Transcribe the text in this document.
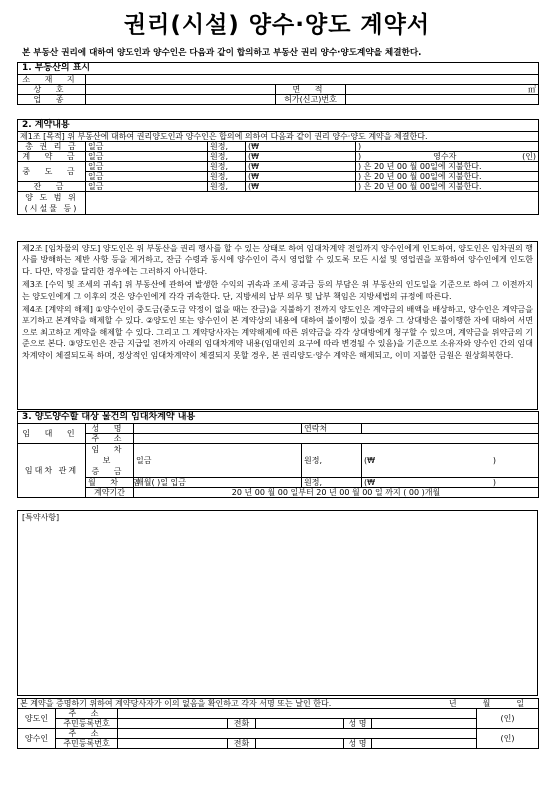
권리(시설) 양수·양도 계약서
본 부동산 권리에 대하여 양도인과 양수인은 다음과 같이 합의하고 부동산 권리 양수·양도계약을 체결한다.
1. 부동산의 표시			
소 재 지			
상 호		면 적	㎡
업 종		허가(신고)번호	
2. 계약내용				
제1조 [목적] 위 부동산에 대하여 권리양도인과 양수인은 합의에 의하여 다음과 같이 권리 양수·양도 계약을 체결한다.				
총 권 리 금	일금	원정,	(₩	)
계 약 금	일금	원정,	(₩	) 영수자 (인)

중 도 금	일금	원정,	(₩	) 은 20 년 00 월 00일에 지불한다.
	일금	원정,	(₩	) 은 20 년 00 월 00일에 지불한다.
잔 금	일금	원정,	(₩	) 은 20 년 00 월 00일에 지불한다.
양 도 범 위
(시설물 등)				
제2조 [임차물의 양도] 양도인은 위 부동산을 권리 행사를 할 수 있는 상태로 하여 임대차계약 전일까지 양수인에게 인도하여, 양도인은 임차권의 행사를 방해하는 제반 사항 등을 제거하고, 잔금 수령과 동시에 양수인이 즉시 영업할 수 있도록 모든 시설 및 영업권을 포함하여 양수인에게 인도한다. 다만, 약정을 달리한 경우에는 그러하지 아니한다.
제3조 [수익 및 조세의 귀속] 위 부동산에 관하여 발생한 수익의 귀속과 조세 공과금 등의 부담은 위 부동산의 인도일을 기준으로 하여 그 이전까지는 양도인에게 그 이후의 것은 양수인에게 각각 귀속한다. 단, 지방세의 납부 의무 및 납부 책임은 지방세법의 규정에 따른다.
제4조 [계약의 해제] ①양수인이 중도금(중도금 약정이 없을 때는 잔금)을 지불하기 전까지 양도인은 계약금의 배액을 배상하고, 양수인은 계약금을 포기하고 본계약을 해제할 수 있다. ②양도인 또는 양수인이 본 계약상의 내용에 대하여 불이행이 있을 경우 그 상대방은 불이행한 자에 대하여 서면으로 최고하고 계약을 해제할 수 있다. 그리고 그 계약당사자는 계약해제에 따른 위약금을 각각 상대방에게 청구할 수 있으며, 계약금을 위약금의 기준으로 본다. ③양도인은 잔금 지급일 전까지 아래의 임대차계약 내용(임대인의 요구에 따라 변경될 수 있음)을 기준으로 소유자와 양수인 간의 임대차계약이 체결되도록 하며, 정상적인 임대차계약이 체결되지 못할 경우, 본 권리양도·양수 계약은 해제되고, 이미 지불한 금원은 원상회복한다.
3. 양도양수할 대상 물건의 임대차계약 내용				
임 대 인	성 명		연락처	
	주 소			
임대차 관계	임 차 보
증 금	일금	원정,	(₩ )

	월 차 임	매월( )일 입금	원정,	(₩ )

	계약기간	20 년 00 월 00 일부터 20 년 00 월 00 일 까지 ( 00 )개월		
[특약사항]
본 계약을 증명하기 위하여 계약당사자가 이의 없음을 확인하고 각자 서명 또는 날인 한다. 년 월 일							

양도인	주 소						(인)
	주민등록번호		전화		성 명		
양수인	주 소						(인)
	주민등록번호		전화		성 명		
